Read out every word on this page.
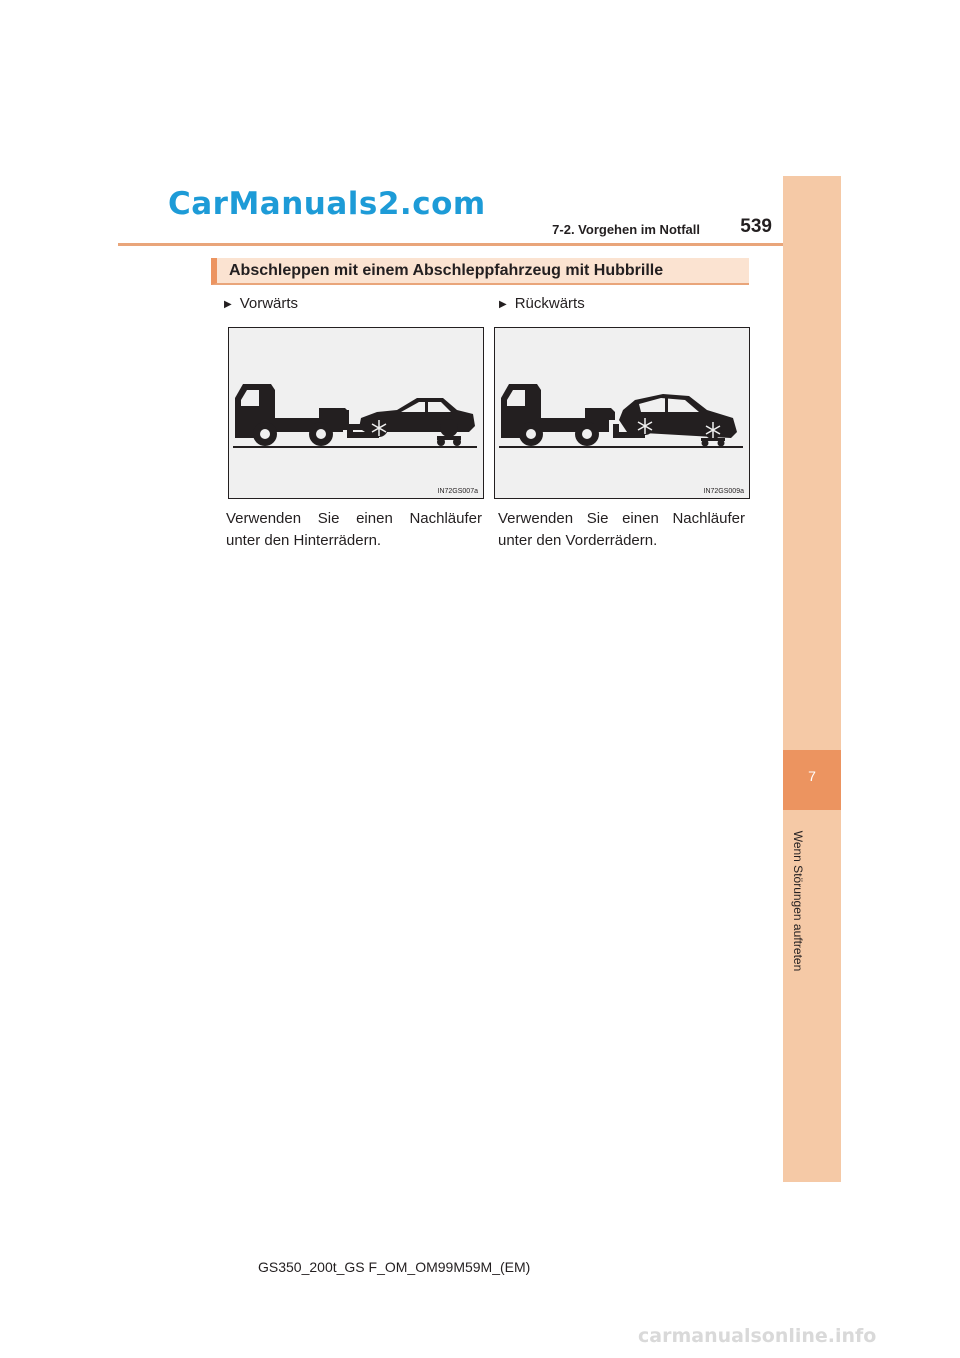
CarManuals2.com
7-2. Vorgehen im Notfall	539
7
Wenn Störungen auftreten
Abschleppen mit einem Abschleppfahrzeug mit Hubbrille
▶ Vorwärts
IN72GS007a
Verwenden Sie einen Nachläufer unter den Hinterrädern.
▶ Rückwärts
IN72GS009a
Verwenden Sie einen Nachläufer unter den Vorderrädern.
GS350_200t_GS F_OM_OM99M59M_(EM)
carmanualsonline.info
